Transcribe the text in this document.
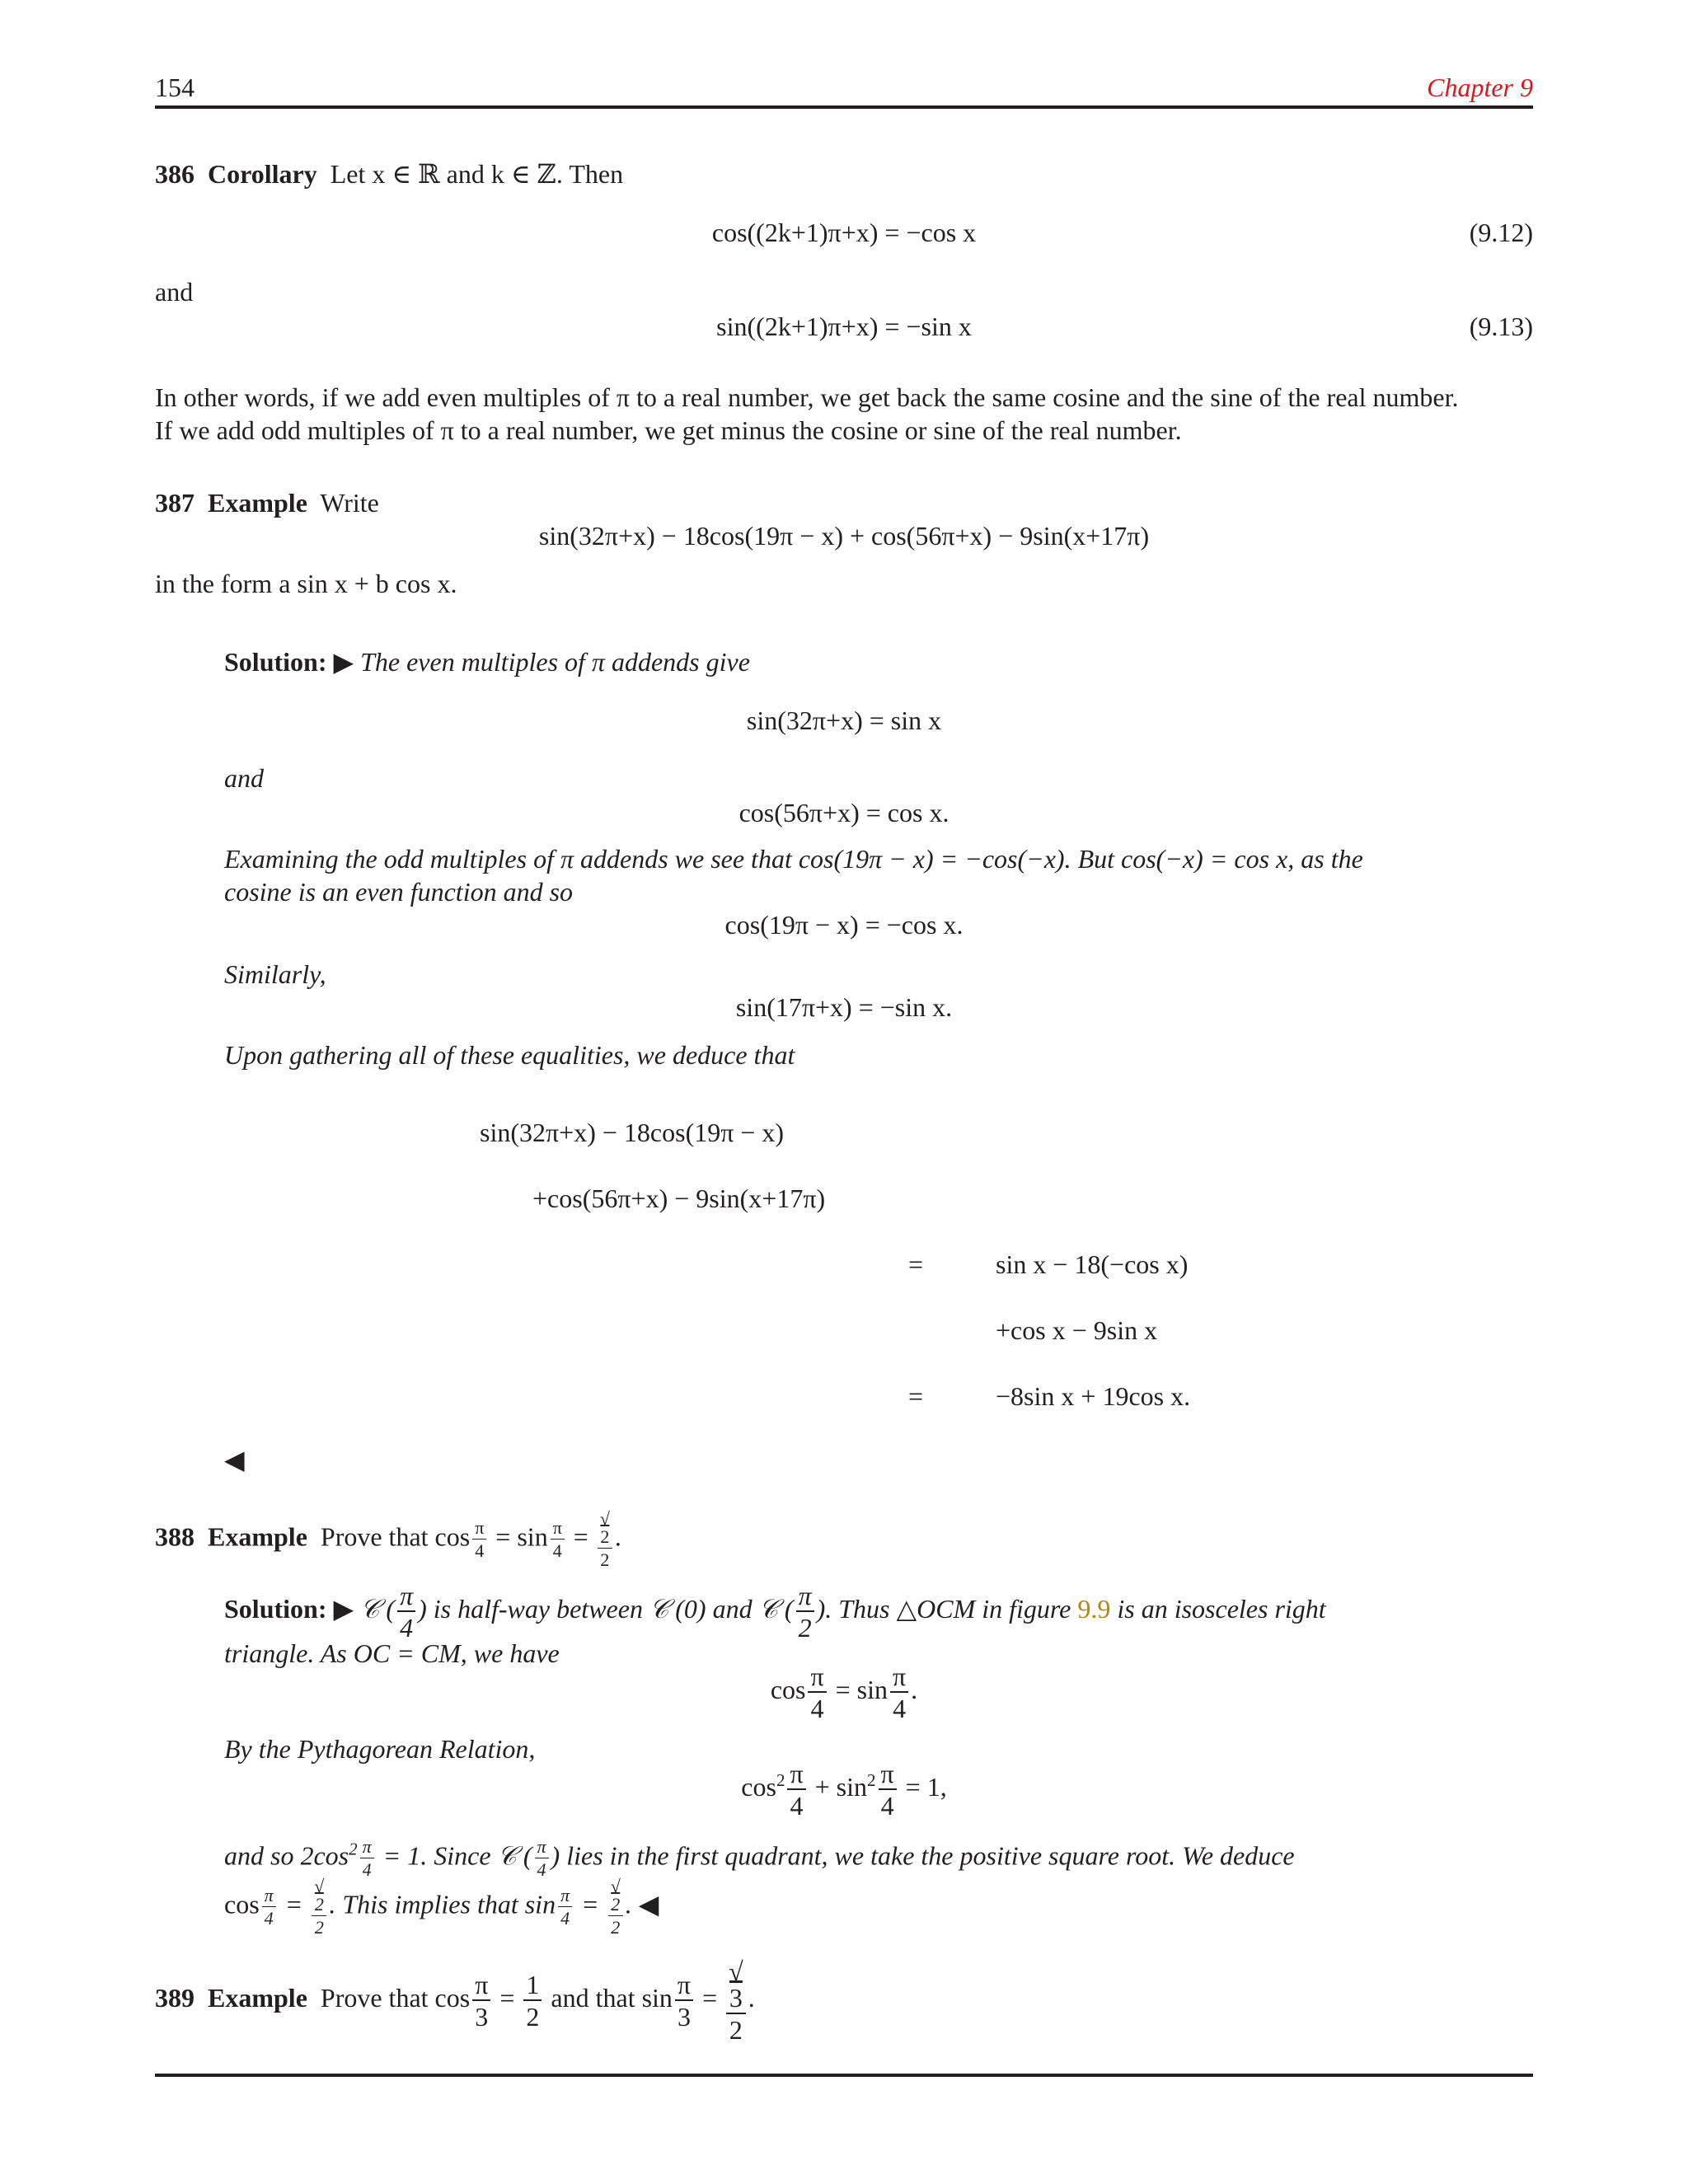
154	Chapter 9
386 Corollary Let x ∈ ℝ and k ∈ ℤ. Then
cos((2k+1)π+x) = −cos x	(9.12)
and
sin((2k+1)π+x) = −sin x	(9.13)
In other words, if we add even multiples of π to a real number, we get back the same cosine and the sine of the real number.
If we add odd multiples of π to a real number, we get minus the cosine or sine of the real number.
387 Example Write
sin(32π+x) − 18cos(19π − x) + cos(56π+x) − 9sin(x+17π)
in the form a sin x + b cos x.
Solution: ▶ The even multiples of π addends give
sin(32π+x) = sin x
and
cos(56π+x) = cos x.
Examining the odd multiples of π addends we see that cos(19π − x) = −cos(−x). But cos(−x) = cos x, as the
cosine is an even function and so
cos(19π − x) = −cos x.
Similarly,
sin(17π+x) = −sin x.
Upon gathering all of these equalities, we deduce that
sin(32π+x) − 18cos(19π − x)
+cos(56π+x) − 9sin(x+17π)
=	sin x − 18(−cos x)
+cos x − 9sin x
=	−8sin x + 19cos x.
◀
388 Example Prove that $\cos \frac{\pi}{4} = \sin \frac{\pi}{4}$ = √
2
2 .
Solution: ▶ 𝒞 ( $\frac{\pi}{4}$ ) is half-way between 𝒞 (0) and 𝒞 ( $\frac{\pi}{2}$ ). Thus △OCM in figure 9.9 is an isosceles right
triangle. As OC = CM, we have
$\cos \frac{\pi}{4} = \sin \frac{\pi}{4}$ .
By the Pythagorean Relation,
$\cos^2 \frac{\pi}{4} + \sin^2 \frac{\pi}{4} = 1$,
and so $2\cos^2 \frac{\pi}{4} = 1$. Since 𝒞 ( $\frac{\pi}{4}$ ) lies in the first quadrant, we take the positive square root. We deduce
$\cos \frac{\pi}{4}$ = √
2
2 . This implies that $\sin \frac{\pi}{4}$ = √
2
2 . ◀
389 Example Prove that $\cos \frac{\pi}{3} = \frac{1}{2}$ and that $\sin \frac{\pi}{3}$ = √
3
2 .
